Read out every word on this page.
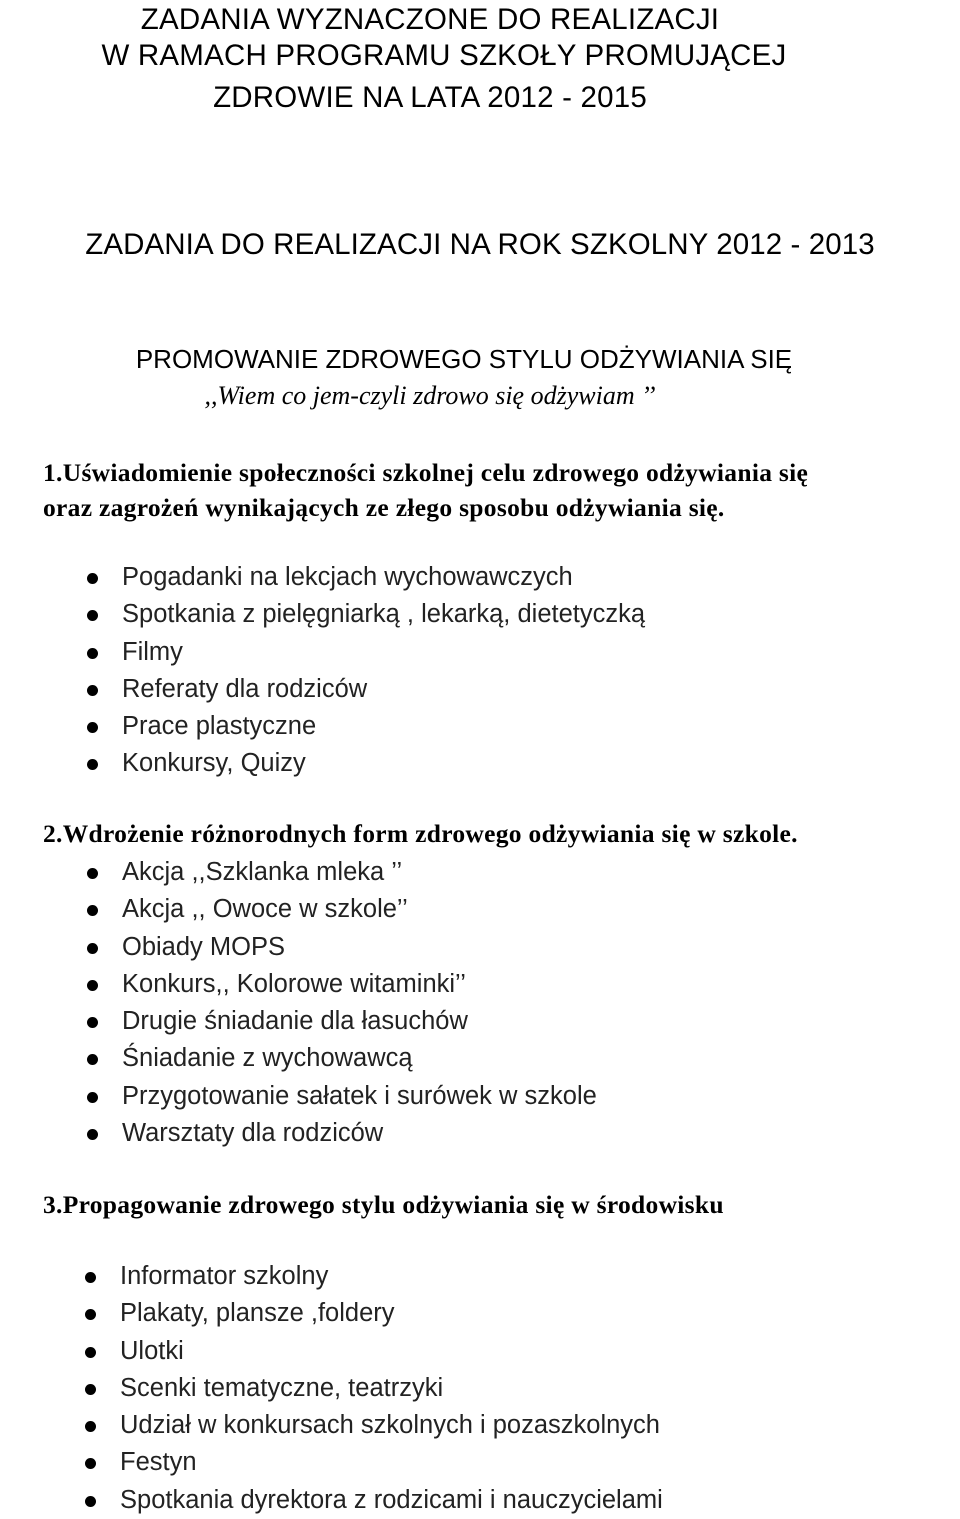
ZADANIA WYZNACZONE DO REALIZACJI
W RAMACH PROGRAMU SZKOŁY PROMUJĄCEJ
ZDROWIE NA LATA 2012 - 2015
ZADANIA DO REALIZACJI NA ROK SZKOLNY 2012 - 2013
PROMOWANIE ZDROWEGO STYLU ODŻYWIANIA SIĘ
,,Wiem co jem-czyli zdrowo się odżywiam ’’
1.Uświadomienie społeczności szkolnej celu zdrowego odżywiania się
oraz zagrożeń wynikających ze złego sposobu odżywiania się.
Pogadanki na lekcjach wychowawczych
Spotkania z pielęgniarką , lekarką, dietetyczką
Filmy
Referaty dla rodziców
Prace plastyczne
Konkursy, Quizy
2.Wdrożenie różnorodnych form zdrowego odżywiania się w szkole.
Akcja ,,Szklanka mleka ’’
Akcja ,, Owoce w szkole’’
Obiady MOPS
Konkurs,, Kolorowe witaminki’’
Drugie śniadanie dla łasuchów
Śniadanie z wychowawcą
Przygotowanie sałatek i surówek w szkole
Warsztaty dla rodziców
3.Propagowanie zdrowego stylu odżywiania się w środowisku
Informator szkolny
Plakaty, plansze ,foldery
Ulotki
Scenki tematyczne, teatrzyki
Udział w konkursach szkolnych i pozaszkolnych
Festyn
Spotkania dyrektora z rodzicami i nauczycielami
